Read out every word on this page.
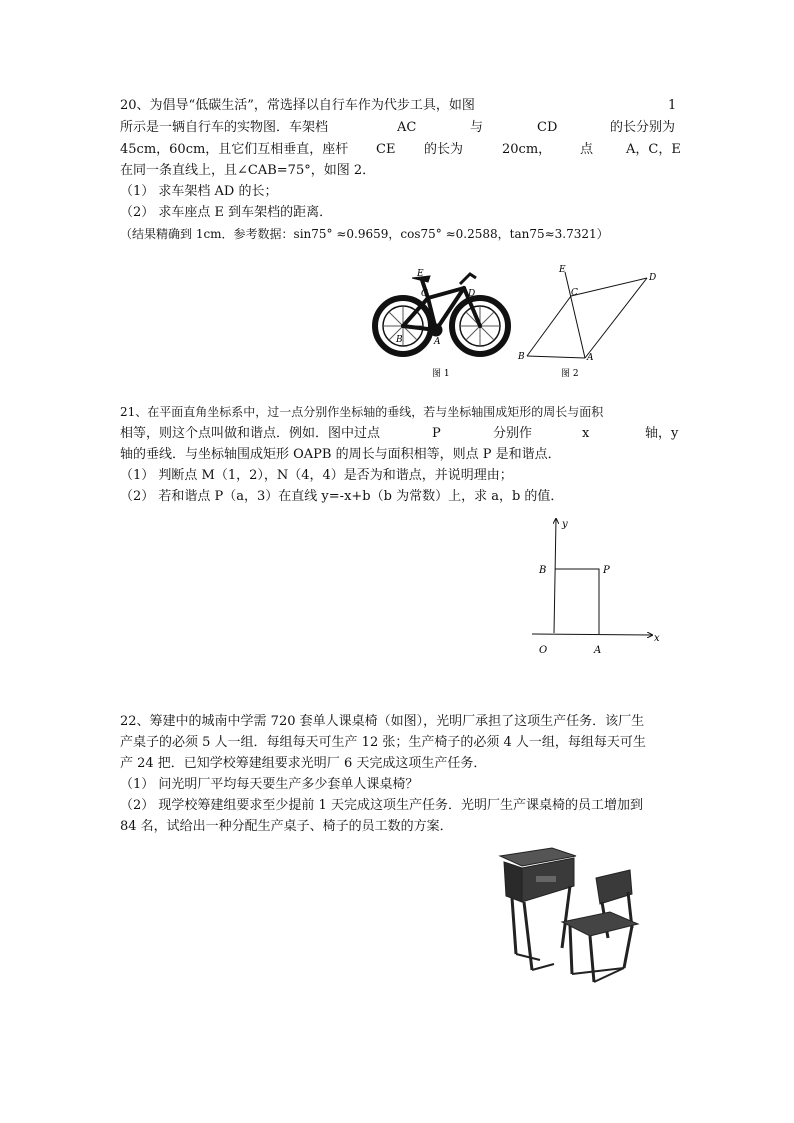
20、为倡导“低碳生活”，常选择以自行车作为代步工具，如图	1
所示是一辆自行车的实物图．车架档	AC	与	CD	的长分别为
45cm，60cm，且它们互相垂直，座杆 CE 的长为	20cm， 点	A，C，E
在同一条直线上，且∠CAB=75°，如图 2．
（1） 求车架档 AD 的长；
（2） 求车座点 E 到车架档的距离．
（结果精确到 1cm．参考数据：sin75° ≈0.9659，cos75° ≈0.2588，tan75≈3.7321）
E
C	D
B	A
图 1
E
C
D
B	A
图 2
21、在平面直角坐标系中，过一点分别作坐标轴的垂线，若与坐标轴围成矩形的周长与面积
相等，则这个点叫做和谐点．例如．图中过点	P	分别作	x	轴，y
轴的垂线．与坐标轴围成矩形 OAPB 的周长与面积相等，则点 P 是和谐点．
（1） 判断点 M（1，2），N（4，4）是否为和谐点，并说明理由；
（2） 若和谐点 P（a，3）在直线 y=-x+b（b 为常数）上，求 a，b 的值．
y
x
B	P
O	A
22、筹建中的城南中学需 720 套单人课桌椅（如图），光明厂承担了这项生产任务．该厂生
产桌子的必须 5 人一组．每组每天可生产 12 张；生产椅子的必须 4 人一组，每组每天可生
产 24 把．已知学校筹建组要求光明厂 6 天完成这项生产任务．
（1） 问光明厂平均每天要生产多少套单人课桌椅？
（2） 现学校筹建组要求至少提前 1 天完成这项生产任务．光明厂生产课桌椅的员工增加到
84 名，试给出一种分配生产桌子、椅子的员工数的方案．
